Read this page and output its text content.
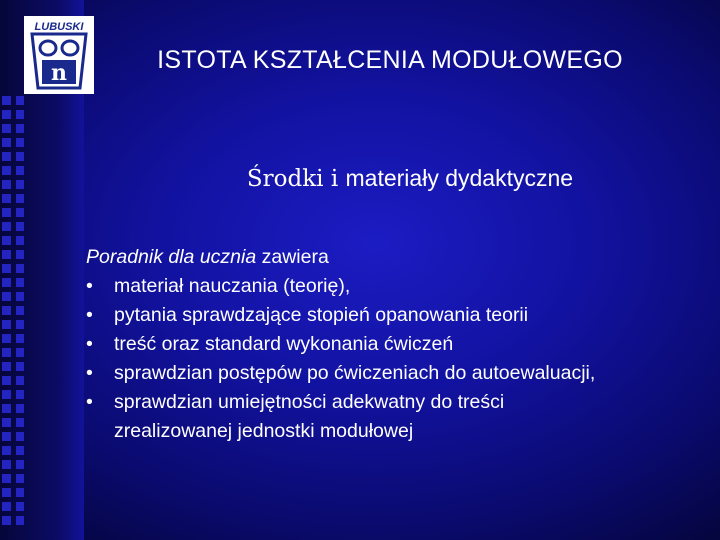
LUBUSKI
n	ISTOTA KSZTAŁCENIA MODUŁOWEGO
Środki i materiały dydaktyczne
Poradnik dla ucznia zawiera
• materiał nauczania (teorię),
• pytania sprawdzające stopień opanowania teorii
• treść oraz standard wykonania ćwiczeń
• sprawdzian postępów po ćwiczeniach do autoewaluacji,
• sprawdzian umiejętności adekwatny do treści
zrealizowanej jednostki modułowej
